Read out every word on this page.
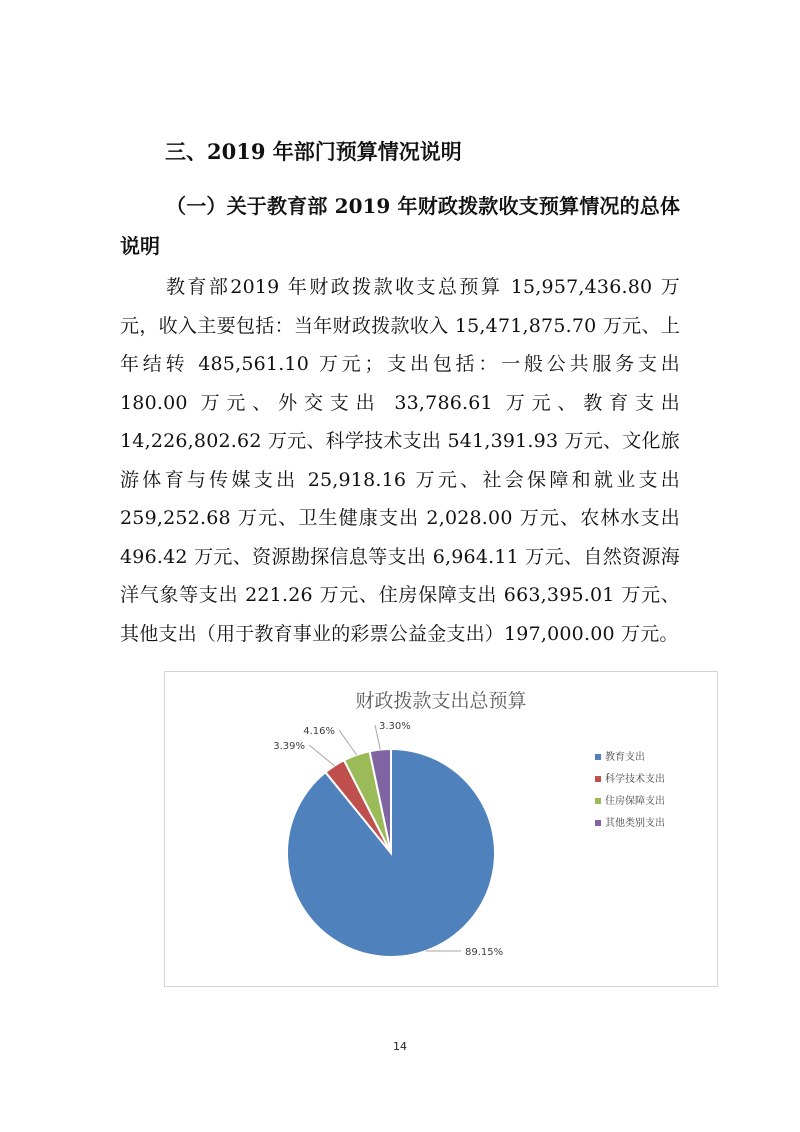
三、2019 年部门预算情况说明
（一）关于教育部 2019 年财政拨款收支预算情况的总体说明
教育部2019 年财政拨款收支总预算 15,957,436.80 万元，收入主要包括：当年财政拨款收入 15,471,875.70 万元、上年结转 485,561.10 万元；支出包括：一般公共服务支出 180.00 万元、外交支出 33,786.61 万元、教育支出 14,226,802.62 万元、科学技术支出 541,391.93 万元、文化旅游体育与传媒支出 25,918.16 万元、社会保障和就业支出 259,252.68 万元、卫生健康支出 2,028.00 万元、农林水支出 496.42 万元、资源勘探信息等支出 6,964.11 万元、自然资源海洋气象等支出 221.26 万元、住房保障支出 663,395.01 万元、其他支出（用于教育事业的彩票公益金支出）197,000.00 万元。
财政拨款支出总预算
89.15%
3.39%
4.16%	3.30%
教育支出
科学技术支出
住房保障支出
其他类别支出
14
